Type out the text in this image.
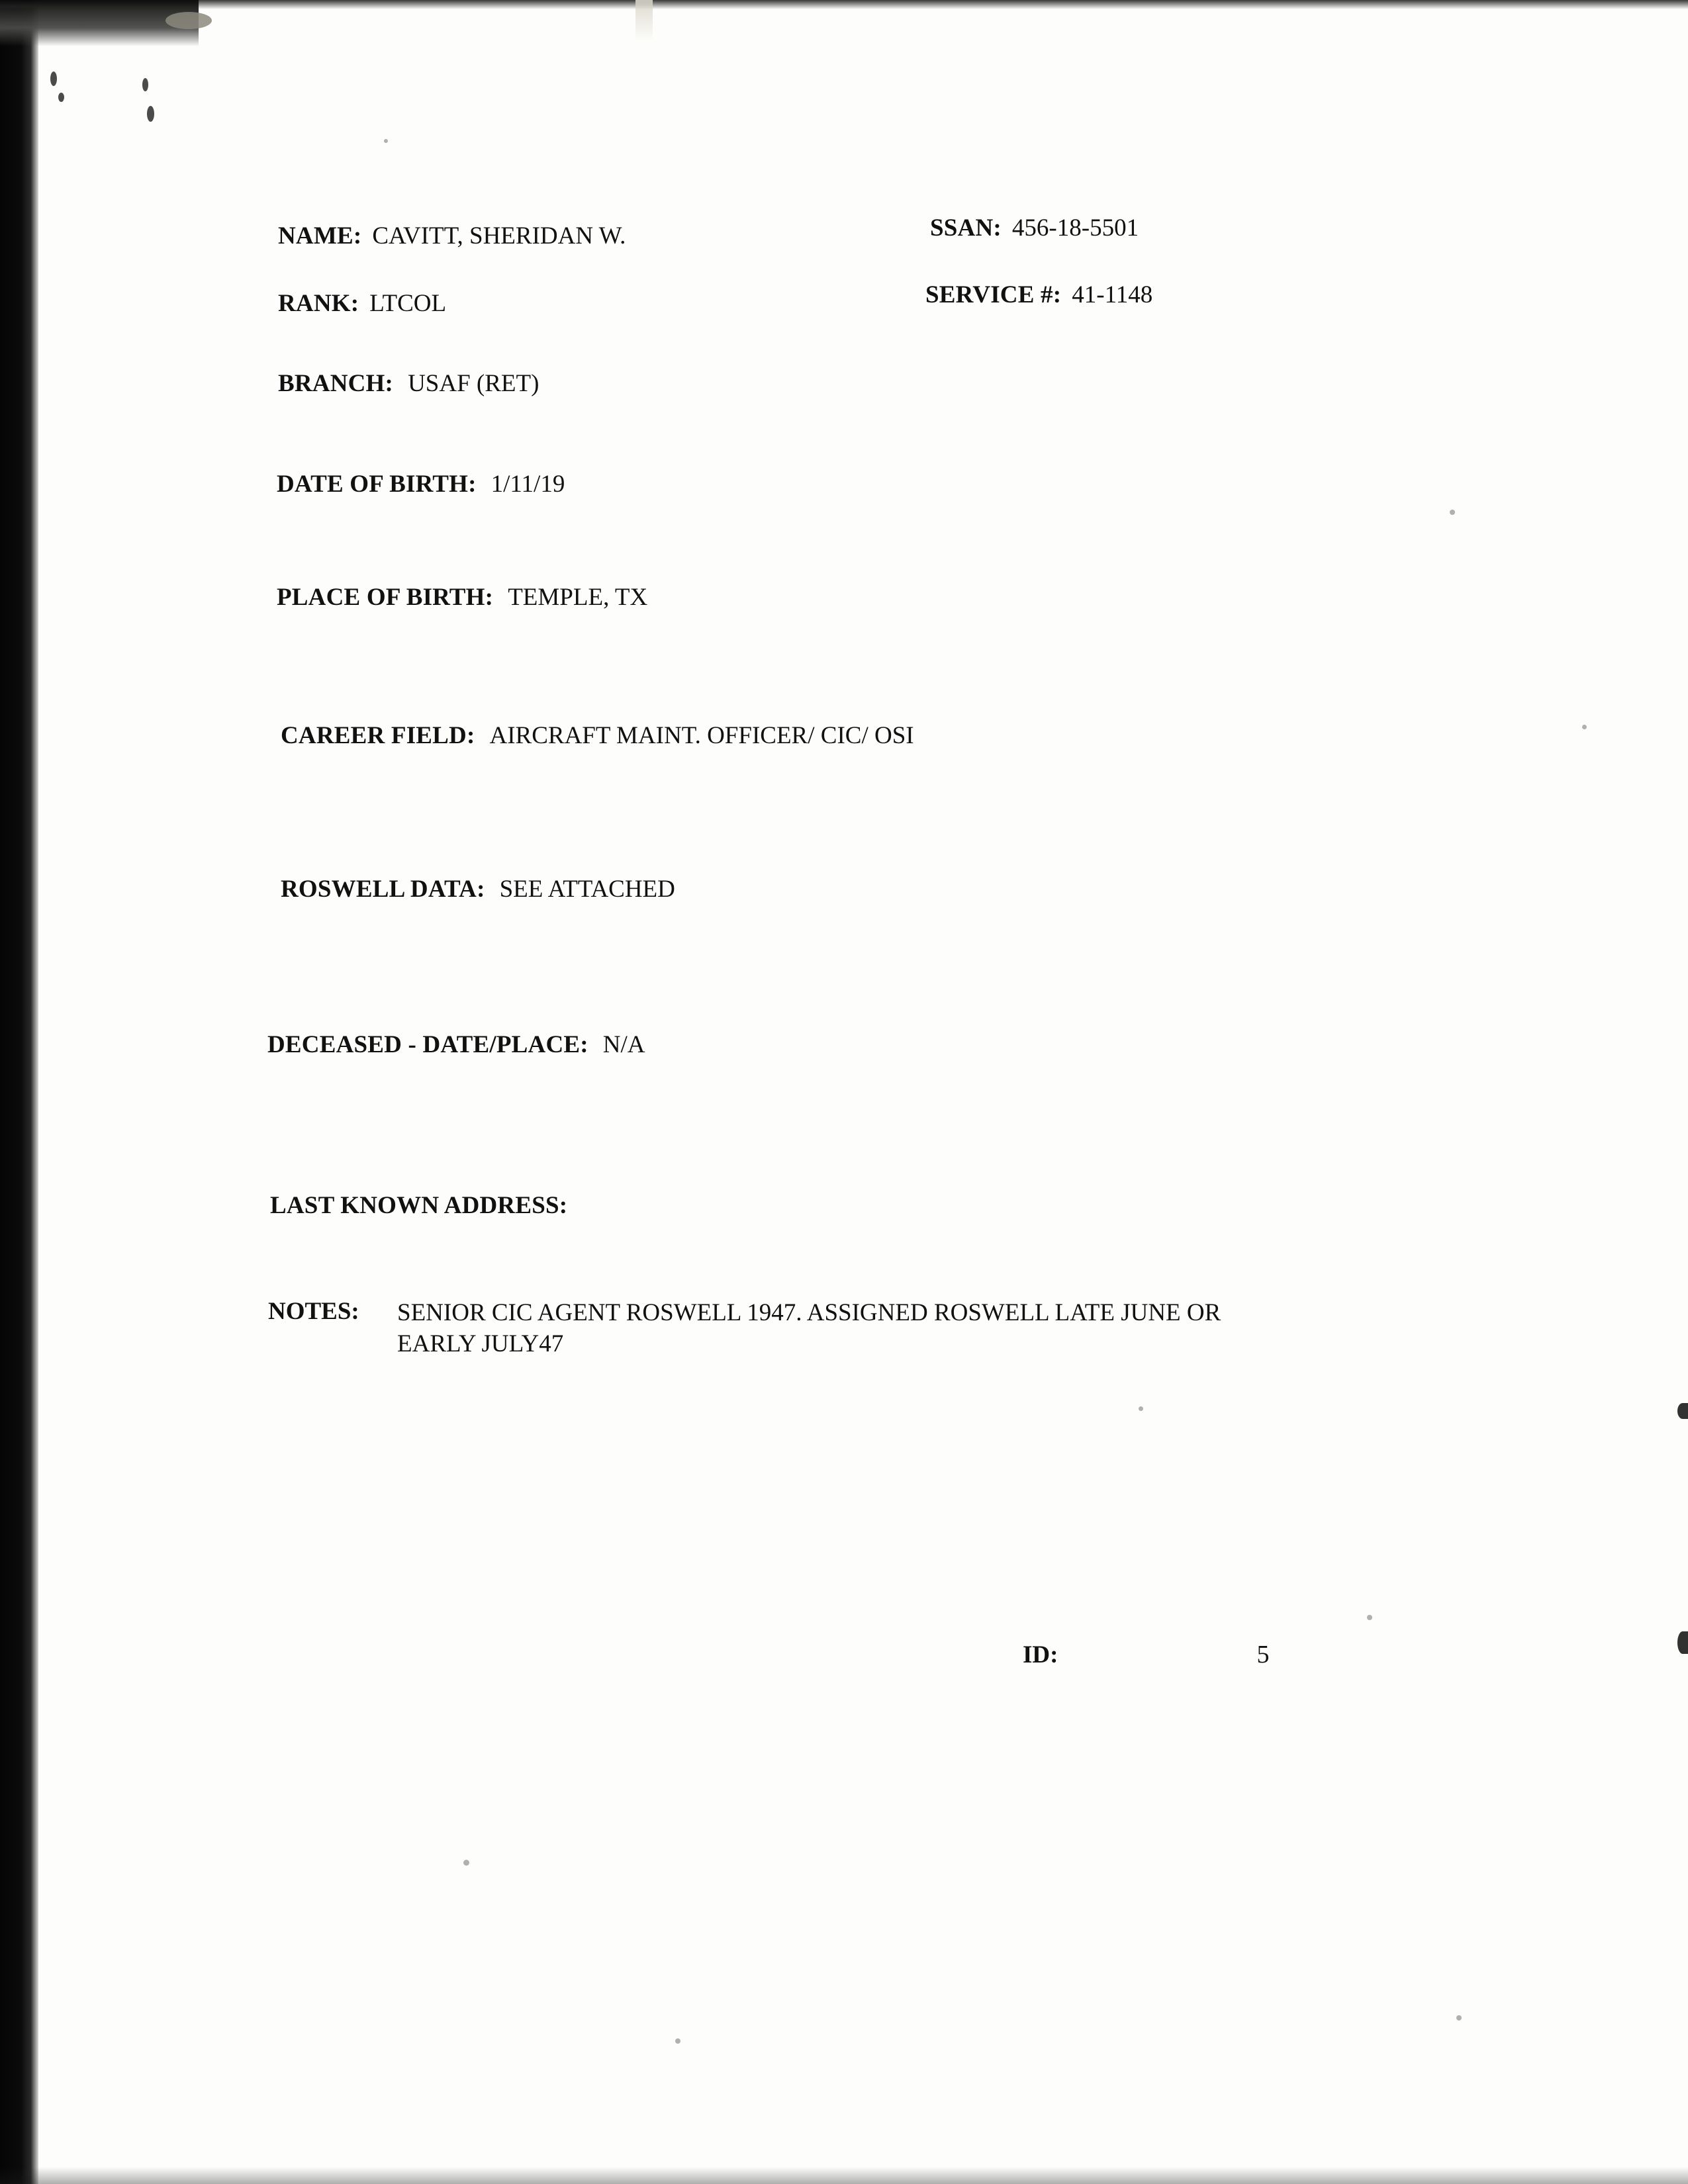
NAME: CAVITT, SHERIDAN W.	SSAN: 456-18-5501
RANK: LTCOL	SERVICE #: 41-1148
BRANCH: USAF (RET)
DATE OF BIRTH: 1/11/19
PLACE OF BIRTH: TEMPLE, TX
CAREER FIELD: AIRCRAFT MAINT. OFFICER/ CIC/ OSI
ROSWELL DATA: SEE ATTACHED
DECEASED - DATE/PLACE: N/A
LAST KNOWN ADDRESS:
NOTES: SENIOR CIC AGENT ROSWELL 1947. ASSIGNED ROSWELL LATE JUNE OR EARLY JULY47
ID:	5
